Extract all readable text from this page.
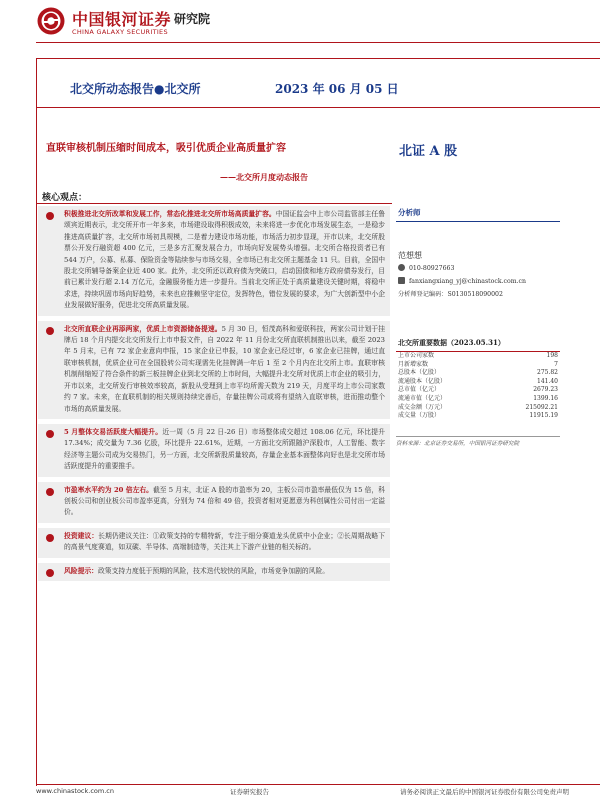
中国银河证券 研究院
CHINA GALAXY SECURITIES
北交所动态报告●北交所	2023 年 06 月 05 日
直联审核机制压缩时间成本，吸引优质企业高质量扩容
——北交所月度动态报告
北证 A 股
核心观点：

积极推进北交所改革和发展工作，常态化推进北交所市场高质量扩容。中国证监会中上市公司监管部主任鲁颂宾近期表示，北交所开市一年多来，市场建设取得积极成效，未来将进一步优化市场发展生态，一是稳步推进高质量扩容，北交所市场初具规模，二是着力建设市场功能，市场活力初步显现，开市以来，北交所股票公开发行融资超 400 亿元，三是多方汇聚发展合力，市场向好发展势头增强。北交所合格投资者已有 544 万户，公募、私募、保险资金等陆续参与市场交易，全市场已有北交所主题基金 11 只。目前，全国中股北交所辅导备案企业近 400 家。此外，北交所还以政府债为突破口，启动国债和地方政府债券发行，目前已累计发行超 2.14 万亿元，金融服务能力进一步提升。当前北交所正处于高质量建设关键时期，将稳中求进，持续巩固市场向好趋势，未来也应推赖坚守定位，发挥特色，错位发展的要求，为广大创新型中小企业发展做好服务，促进北交所高质量发展。

北交所直联企业再添两家，优质上市资源储备提速。5 月 30 日，恒茂高科和爱联科技，两家公司计划于挂牌后 18 个月内提交北交所发行上市申报文件，自 2022 年 11 月份北交所直联机制推出以来，截至 2023 年 5 月末，已有 72 家企业意向申报，15 家企业已申报，10 家企业已经过审，6 家企业已挂牌，通过直联审核机制，优质企业可在全国股转公司实现需先化挂牌满一年后 1 至 2 个月内在北交所上市。直联审核机制削缩短了符合条件的新三板挂牌企业到北交所的上市时间，大幅提升北交所对优质上市企业的吸引力，开市以来，北交所发行审核效率较高，新股从受理到上市平均所需天数为 219 天，月度平均上市公司家数约 7 家。未来，在直联机制的相关规则持续完善后，存量挂牌公司或将有望纳入直联审核，进而推动整个市场的高质量发展。

5 月整体交易活跃度大幅提升。近一周（5 月 22 日-26 日）市场整体成交超过 108.06 亿元，环比提升 17.34%；成交量为 7.36 亿股，环比提升 22.61%，近期，一方面北交所跟随沪深股市，人工智能、数字经济等主题公司成为交易热门，另一方面，北交所新股质量较高，存量企业基本面整体向好也是北交所市场活跃度提升的重要推手。

市盈率水平约为 20 倍左右。截至 5 月末，北证 A 股的市盈率为 20，主板公司市盈率最低仅为 15 倍，科创板公司和创业板公司市盈率更高，分别为 74 倍和 49 倍，投资者相对更愿意为科创属性公司付出一定溢价。

投资建议：长期仍建议关注：①政策支持的专精特新，专注于细分赛道龙头优质中小企业；②长周期战略下的高景气度赛道，如双碳、半导体、高端制造等，关注其上下游产业链的相关标的。

风险提示：政策支持力度低于预期的风险，技术迭代较快的风险，市场竞争加剧的风险。

分析师
范想想
010-80927663
fanxiangxiang_yj@chinastock.com.cn
分析师登记编码：S0130518090002
北交所重要数据（2023.05.31）
上市公司家数	198
月新增家数	7
总股本（亿股）	275.82
流通股本（亿股）	141.40
总市值（亿元）	2679.23
流通市值（亿元）	1399.16
成交金额（万元）	215092.21
成交量（万股）	11915.19
资料来源：北京证券交易所，中国银河证券研究院
www.chinastock.com.cn	证券研究报告	请务必阅读正文最后的中国银河证券股份有限公司免责声明
